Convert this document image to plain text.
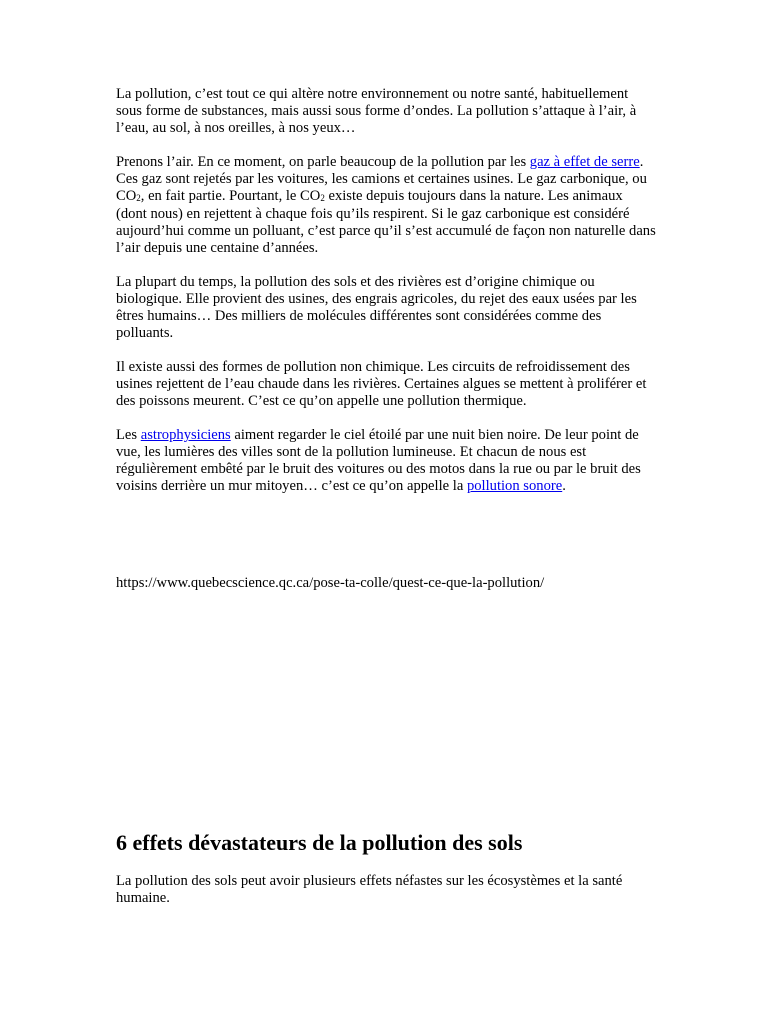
La pollution, c’est tout ce qui altère notre environnement ou notre santé, habituellement sous forme de substances, mais aussi sous forme d’ondes. La pollution s’attaque à l’air, à l’eau, au sol, à nos oreilles, à nos yeux…

Prenons l’air. En ce moment, on parle beaucoup de la pollution par les gaz à effet de serre. Ces gaz sont rejetés par les voitures, les camions et certaines usines. Le gaz carbonique, ou $CO_2$, en fait partie. Pourtant, le $CO_2$ existe depuis toujours dans la nature. Les animaux (dont nous) en rejettent à chaque fois qu’ils respirent. Si le gaz carbonique est considéré aujourd’hui comme un polluant, c’est parce qu’il s’est accumulé de façon non naturelle dans l’air depuis une centaine d’années.

La plupart du temps, la pollution des sols et des rivières est d’origine chimique ou biologique. Elle provient des usines, des engrais agricoles, du rejet des eaux usées par les êtres humains… Des milliers de molécules différentes sont considérées comme des polluants.

Il existe aussi des formes de pollution non chimique. Les circuits de refroidissement des usines rejettent de l’eau chaude dans les rivières. Certaines algues se mettent à proliférer et des poissons meurent. C’est ce qu’on appelle une pollution thermique.

Les astrophysiciens aiment regarder le ciel étoilé par une nuit bien noire. De leur point de vue, les lumières des villes sont de la pollution lumineuse. Et chacun de nous est régulièrement embêté par le bruit des voitures ou des motos dans la rue ou par le bruit des voisins derrière un mur mitoyen… c’est ce qu’on appelle la pollution sonore.

https://www.quebecscience.qc.ca/pose-ta-colle/quest-ce-que-la-pollution/
6 effets dévastateurs de la pollution des sols

La pollution des sols peut avoir plusieurs effets néfastes sur les écosystèmes et la santé humaine.
